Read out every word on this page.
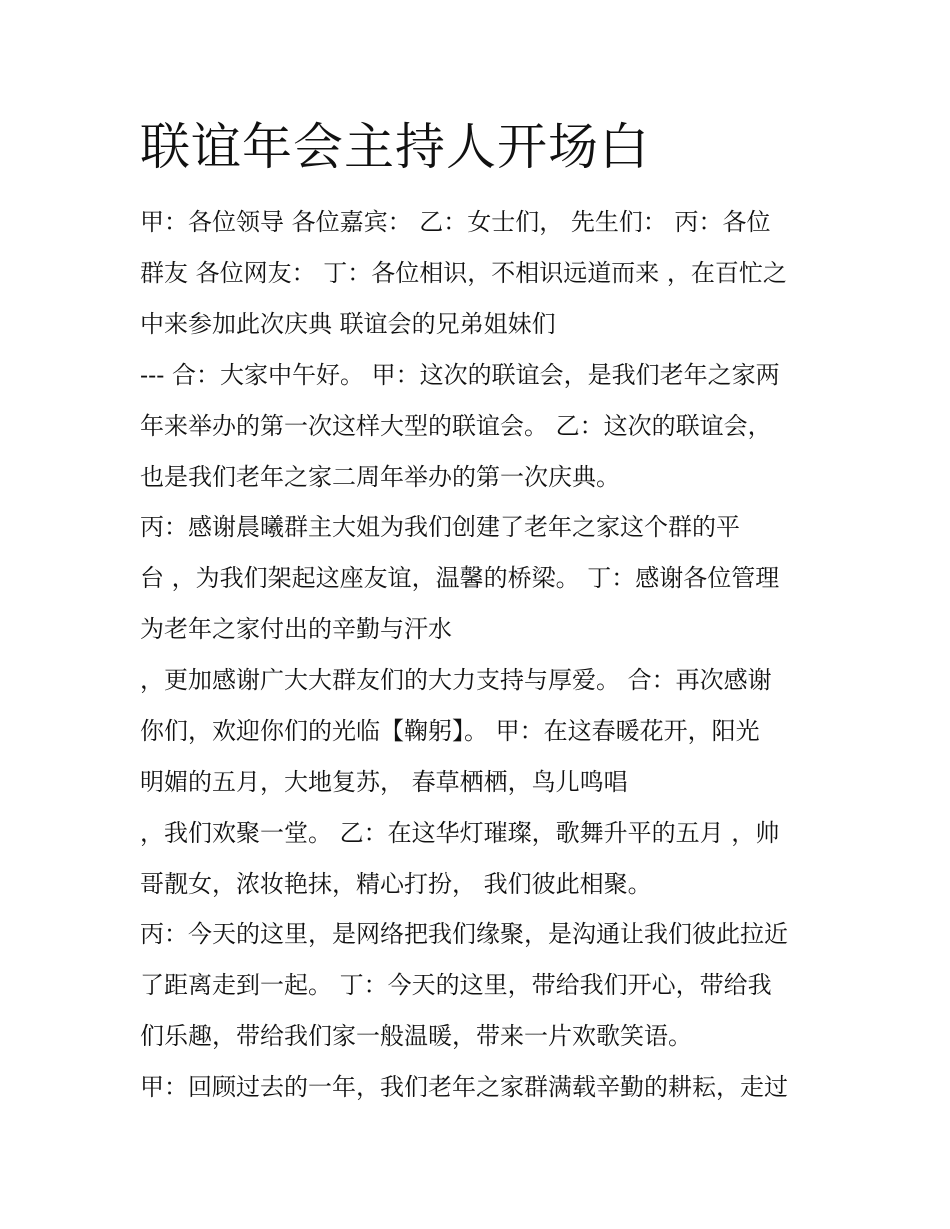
联谊年会主持人开场白

甲：各位领导 各位嘉宾： 乙：女士们， 先生们： 丙：各位

群友 各位网友： 丁：各位相识，不相识远道而来 ，在百忙之

中来参加此次庆典 联谊会的兄弟姐妹们

--- 合：大家中午好。 甲：这次的联谊会，是我们老年之家两

年来举办的第一次这样大型的联谊会。 乙：这次的联谊会，

也是我们老年之家二周年举办的第一次庆典。

丙：感谢晨曦群主大姐为我们创建了老年之家这个群的平

台 ，为我们架起这座友谊，温馨的桥梁。 丁：感谢各位管理

为老年之家付出的辛勤与汗水

，更加感谢广大大群友们的大力支持与厚爱。 合：再次感谢

你们，欢迎你们的光临【鞠躬】。 甲：在这春暖花开，阳光

明媚的五月，大地复苏， 春草栖栖，鸟儿鸣唱

，我们欢聚一堂。 乙：在这华灯璀璨，歌舞升平的五月 ，帅

哥靓女，浓妆艳抹，精心打扮， 我们彼此相聚。

丙：今天的这里，是网络把我们缘聚，是沟通让我们彼此拉近

了距离走到一起。 丁：今天的这里，带给我们开心，带给我

们乐趣，带给我们家一般温暖，带来一片欢歌笑语。

甲：回顾过去的一年，我们老年之家群满载辛勤的耕耘，走过
